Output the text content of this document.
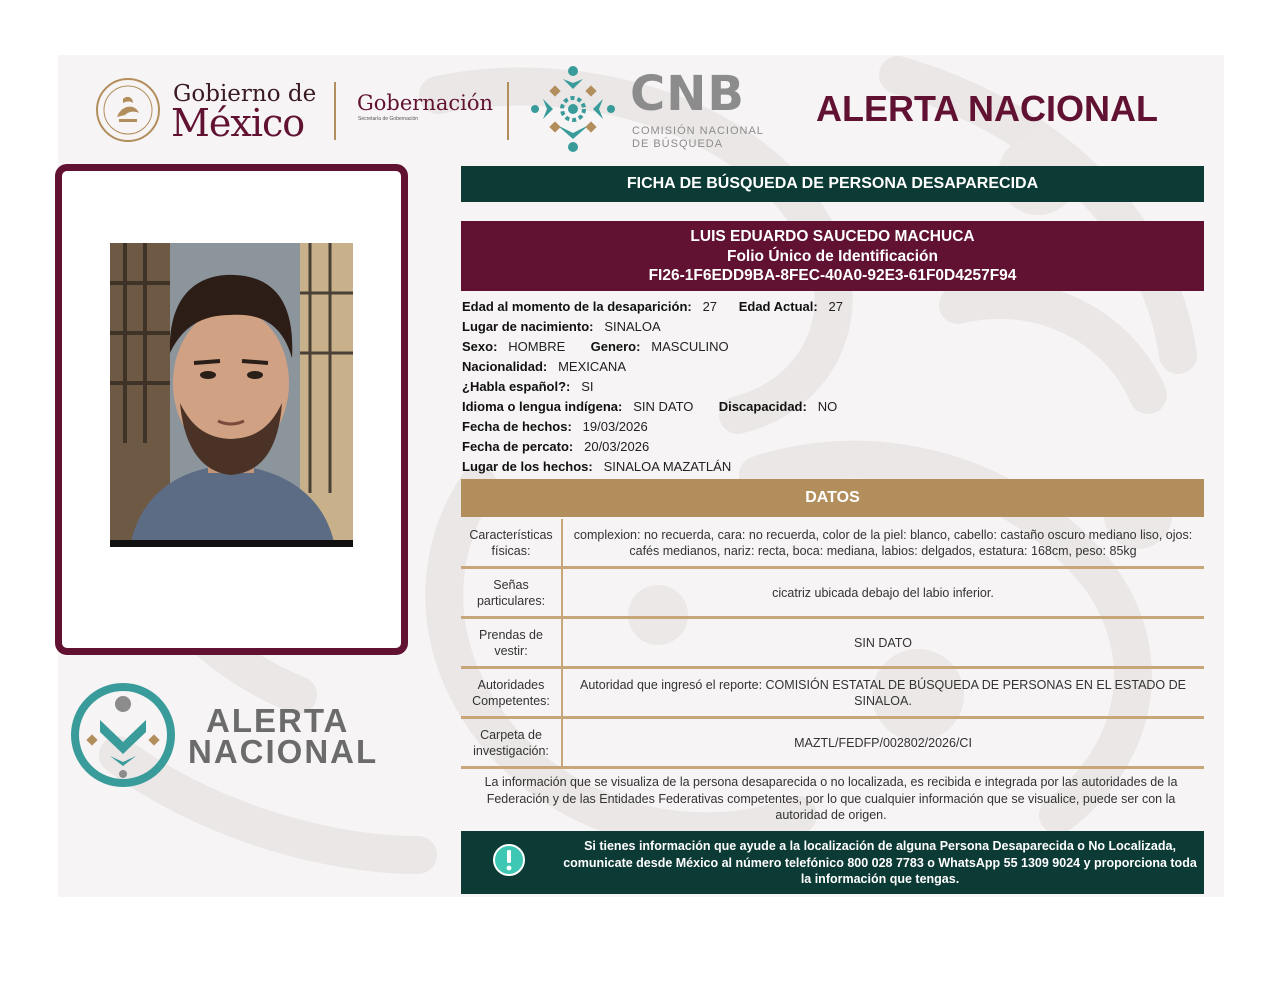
Gobierno de
México	Gobernación
Secretaría de Gobernación	CNB
COMISIÓN NACIONAL
DE BÚSQUEDA
ALERTA NACIONAL
ALERTA
NACIONAL
FICHA DE BÚSQUEDA DE PERSONA DESAPARECIDA
LUIS EDUARDO SAUCEDO MACHUCA
Folio Único de Identificación
FI26-1F6EDD9BA-8FEC-40A0-92E3-61F0D4257F94
Edad al momento de la desaparición: 27 Edad Actual: 27
Lugar de nacimiento: SINALOA
Sexo: HOMBRE Genero: MASCULINO
Nacionalidad: MEXICANA
¿Habla español?: SI
Idioma o lengua indígena: SIN DATO Discapacidad: NO
Fecha de hechos: 19/03/2026
Fecha de percato: 20/03/2026
Lugar de los hechos: SINALOA MAZATLÁN
DATOS
Características físicas:
complexion: no recuerda, cara: no recuerda, color de la piel: blanco, cabello: castaño oscuro mediano liso, ojos: cafés medianos, nariz: recta, boca: mediana, labios: delgados, estatura: 168cm, peso: 85kg
Señas particulares:
cicatriz ubicada debajo del labio inferior.
Prendas de vestir:
SIN DATO
Autoridades Competentes:
Autoridad que ingresó el reporte: COMISIÓN ESTATAL DE BÚSQUEDA DE PERSONAS EN EL ESTADO DE SINALOA.
Carpeta de investigación:
MAZTL/FEDFP/002802/2026/CI
La información que se visualiza de la persona desaparecida o no localizada, es recibida e integrada por las autoridades de la Federación y de las Entidades Federativas competentes, por lo que cualquier información que se visualice, puede ser con la autoridad de origen.
Si tienes información que ayude a la localización de alguna Persona Desaparecida o No Localizada, comunicate desde México al número telefónico 800 028 7783 o WhatsApp 55 1309 9024 y proporciona toda la información que tengas.
